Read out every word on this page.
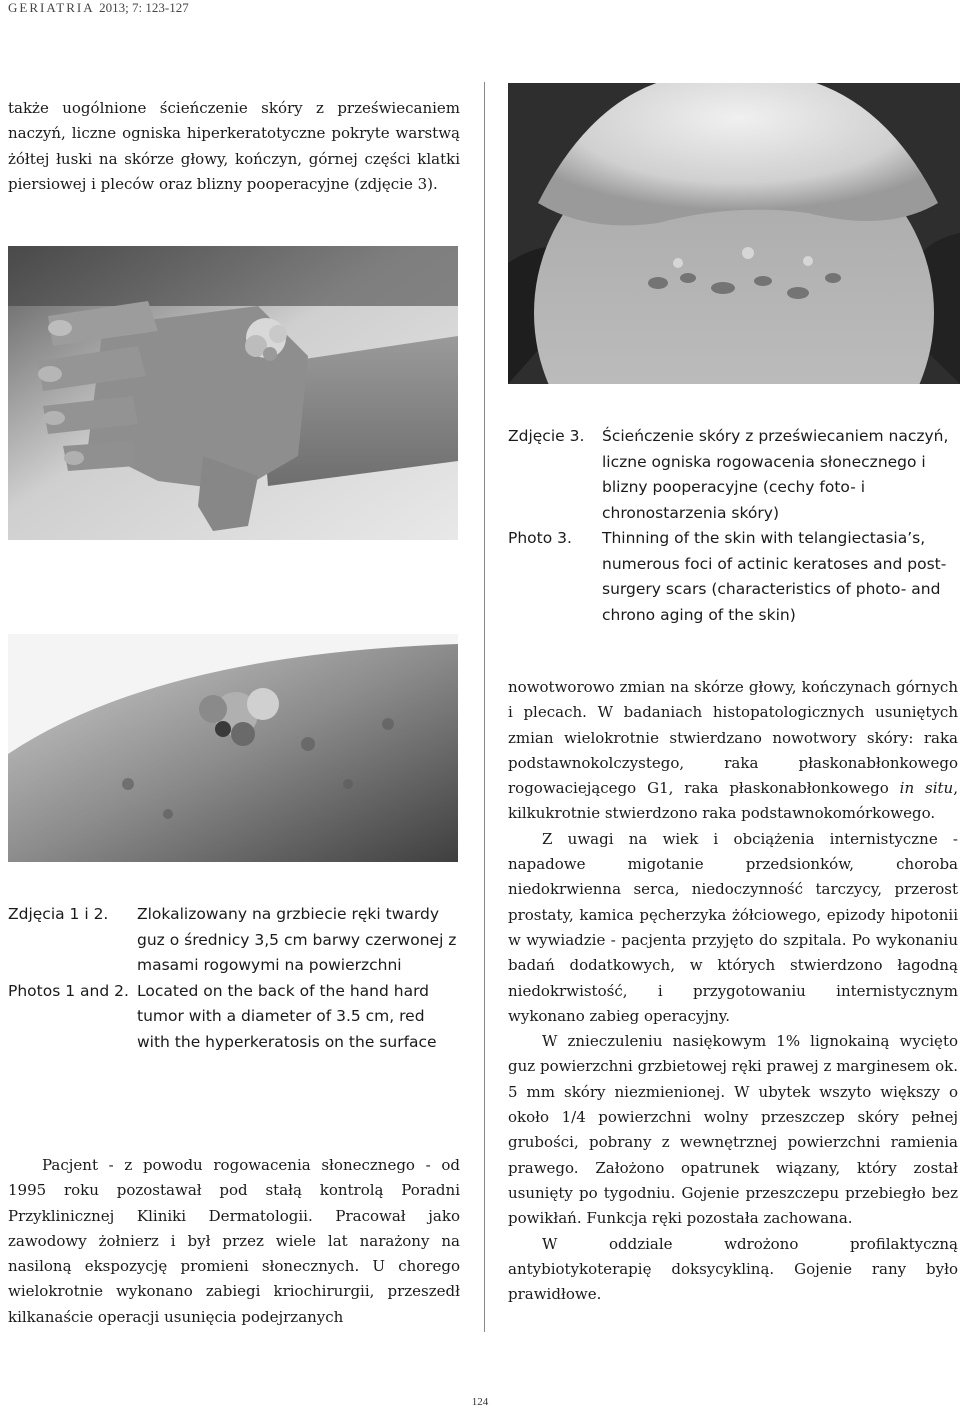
GERIATRIA 2013; 7: 123-127

także uogólnione ścieńczenie skóry z przeświecaniem naczyń, liczne ogniska hiperkeratotyczne pokryte warstwą żółtej łuski na skórze głowy, kończyn, górnej części klatki piersiowej i pleców oraz blizny pooperacyjne (zdjęcie 3).

Zdjęcie 3. Ścieńczenie skóry z przeświecaniem naczyń, liczne ogniska rogowacenia słonecznego i blizny pooperacyjne (cechy foto- i chronostarzenia skóry)
Photo 3. Thinning of the skin with telangiectasia’s, numerous foci of actinic keratoses and post-surgery scars (characteristics of photo- and chrono aging of the skin)
Zdjęcia 1 i 2. Zlokalizowany na grzbiecie ręki twardy guz o średnicy 3,5 cm barwy czerwonej z masami rogowymi na powierzchni
Photos 1 and 2. Located on the back of the hand hard tumor with a diameter of 3.5 cm, red with the hyperkeratosis on the surface

Pacjent - z powodu rogowacenia słonecznego - od 1995 roku pozostawał pod stałą kontrolą Poradni Przyklinicznej Kliniki Dermatologii. Pracował jako zawodowy żołnierz i był przez wiele lat narażony na nasiloną ekspozycję promieni słonecznych. U chorego wielokrotnie wykonano zabiegi kriochirurgii, przeszedł kilkanaście operacji usunięcia podejrzanych

nowotworowo zmian na skórze głowy, kończynach górnych i plecach. W badaniach histopatologicznych usuniętych zmian wielokrotnie stwierdzano nowotwory skóry: raka podstawnokolczystego, raka płaskonabłonkowego rogowaciejącego G1, raka płaskonabłonkowego in situ, kilkukrotnie stwierdzono raka podstawnokomórkowego.

Z uwagi na wiek i obciążenia internistyczne - napadowe migotanie przedsionków, choroba niedokrwienna serca, niedoczynność tarczycy, przerost prostaty, kamica pęcherzyka żółciowego, epizody hipotonii w wywiadzie - pacjenta przyjęto do szpitala. Po wykonaniu badań dodatkowych, w których stwierdzono łagodną niedokrwistość, i przygotowaniu internistycznym wykonano zabieg operacyjny.

W znieczuleniu nasiękowym 1% lignokainą wycięto guz powierzchni grzbietowej ręki prawej z marginesem ok. 5 mm skóry niezmienionej. W ubytek wszyto większy o około 1/4 powierzchni wolny przeszczep skóry pełnej grubości, pobrany z wewnętrznej powierzchni ramienia prawego. Założono opatrunek wiązany, który został usunięty po tygodniu. Gojenie przeszczepu przebiegło bez powikłań. Funkcja ręki pozostała zachowana.

W oddziale wdrożono profilaktyczną antybiotykoterapię doksycykliną. Gojenie rany było prawidłowe.

124
